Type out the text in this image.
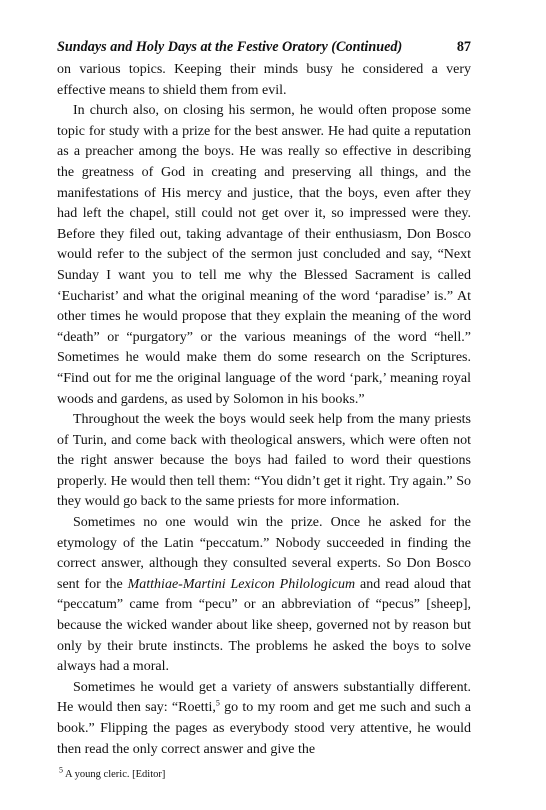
Sundays and Holy Days at the Festive Oratory (Continued)	87

on various topics. Keeping their minds busy he considered a very effective means to shield them from evil.

In church also, on closing his sermon, he would often propose some topic for study with a prize for the best answer. He had quite a reputation as a preacher among the boys. He was really so effective in describing the greatness of God in creating and preserving all things, and the manifestations of His mercy and justice, that the boys, even after they had left the chapel, still could not get over it, so impressed were they. Before they filed out, taking advantage of their enthusiasm, Don Bosco would refer to the subject of the sermon just concluded and say, “Next Sunday I want you to tell me why the Blessed Sacrament is called ‘Eucharist’ and what the original meaning of the word ‘paradise’ is.” At other times he would propose that they explain the meaning of the word “death” or “purgatory” or the various meanings of the word “hell.” Sometimes he would make them do some research on the Scriptures. “Find out for me the original language of the word ‘park,’ meaning royal woods and gardens, as used by Solomon in his books.”

Throughout the week the boys would seek help from the many priests of Turin, and come back with theological answers, which were often not the right answer because the boys had failed to word their questions properly. He would then tell them: “You didn’t get it right. Try again.” So they would go back to the same priests for more information.

Sometimes no one would win the prize. Once he asked for the etymology of the Latin “peccatum.” Nobody succeeded in finding the correct answer, although they consulted several experts. So Don Bosco sent for the Matthiae-Martini Lexicon Philologicum and read aloud that “peccatum” came from “pecu” or an abbreviation of “pecus” [sheep], because the wicked wander about like sheep, governed not by reason but only by their brute instincts. The problems he asked the boys to solve always had a moral.

Sometimes he would get a variety of answers substantially different. He would then say: “Roetti,$^5$ go to my room and get me such and such a book.” Flipping the pages as everybody stood very attentive, he would then read the only correct answer and give the

$^5$ A young cleric. [Editor]
